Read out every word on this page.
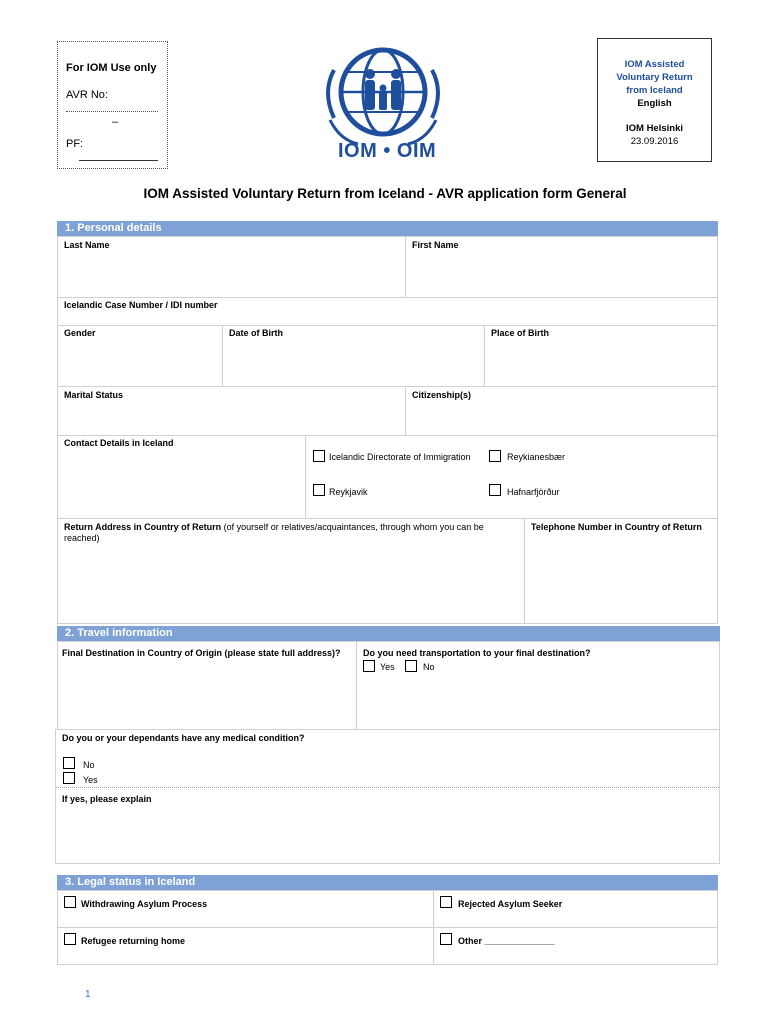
For IOM Use only
AVR No:
–
PF:	IOM • OIM
IOM Assisted
Voluntary Return
from Iceland
English
IOM Helsinki
23.09.2016
IOM Assisted Voluntary Return from Iceland - AVR application form General
1. Personal details
Last Name	First Name
Icelandic Case Number / IDI number
Gender	Date of Birth	Place of Birth
Marital Status	Citizenship(s)
Contact Details in Iceland
Icelandic Directorate of Immigration	Reykianesbær
Reykjavik	Hafnarfjörður
Return Address in Country of Return (of yourself or relatives/acquaintances, through whom you can be reached)
Telephone Number in Country of Return
2. Travel information
Final Destination in Country of Origin (please state full address)? Do you need transportation to your final destination?
Yes	No
Do you or your dependants have any medical condition?
No
Yes
If yes, please explain
3. Legal status in Iceland
Withdrawing Asylum Process	Rejected Asylum Seeker
Refugee returning home	Other ______________
1
